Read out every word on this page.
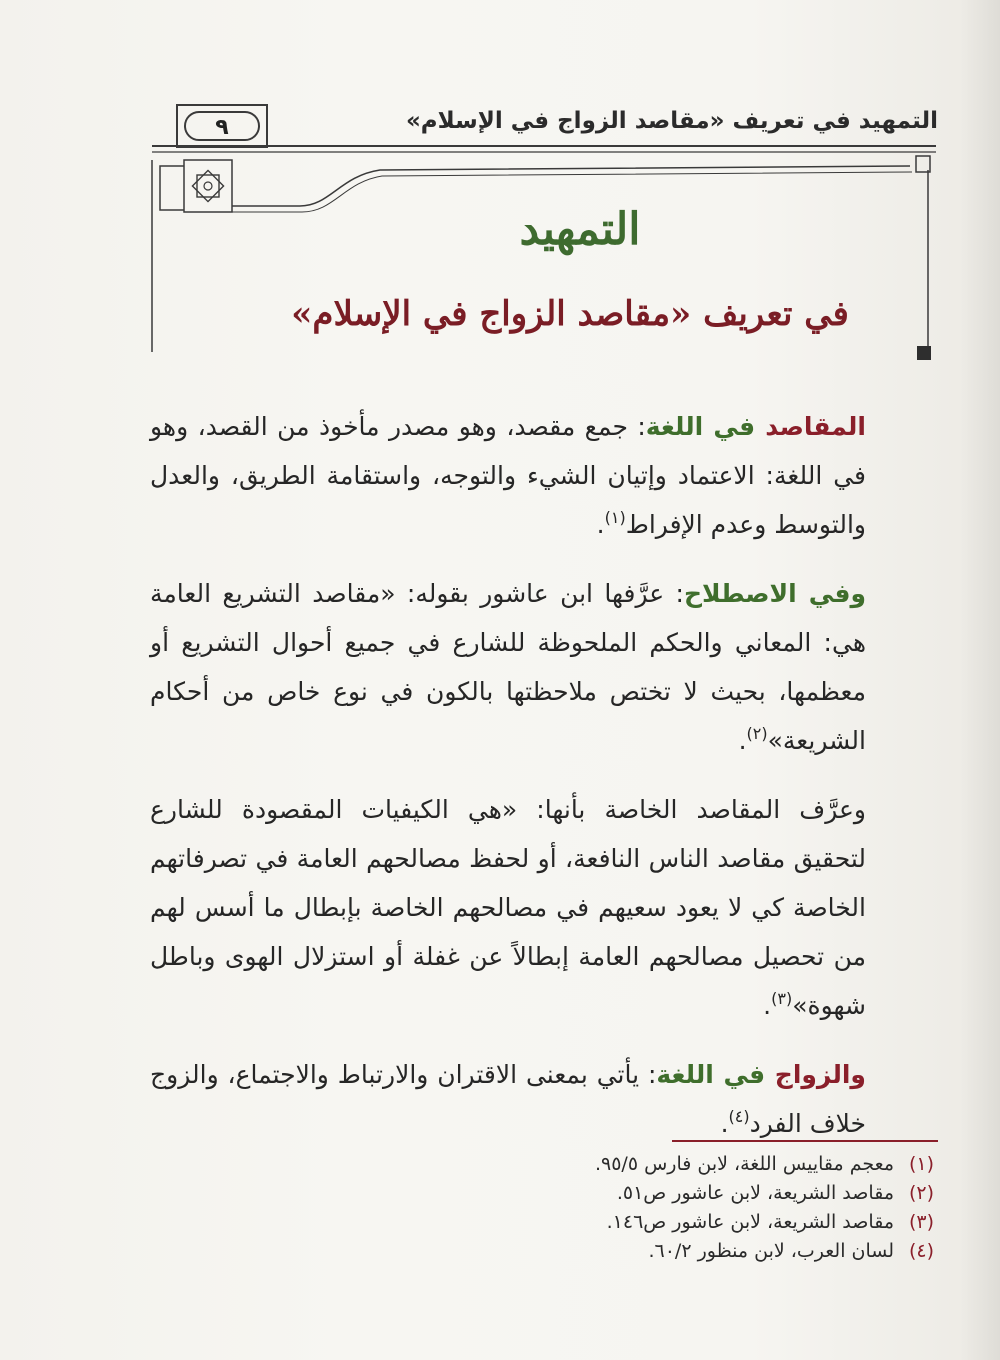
التمهيد في تعريف «مقاصد الزواج في الإسلام»
٩
التمهيد
في تعريف «مقاصد الزواج في الإسلام»

المقاصد في اللغة: جمع مقصد، وهو مصدر مأخوذ من القصد، وهو في اللغة: الاعتماد وإتيان الشيء والتوجه، واستقامة الطريق، والعدل والتوسط وعدم الإفراط$^{(١)}$.

وفي الاصطلاح: عرَّفها ابن عاشور بقوله: «مقاصد التشريع العامة هي: المعاني والحكم الملحوظة للشارع في جميع أحوال التشريع أو معظمها، بحيث لا تختص ملاحظتها بالكون في نوع خاص من أحكام الشريعة»$^{(٢)}$.

وعرَّف المقاصد الخاصة بأنها: «هي الكيفيات المقصودة للشارع لتحقيق مقاصد الناس النافعة، أو لحفظ مصالحهم العامة في تصرفاتهم الخاصة كي لا يعود سعيهم في مصالحهم الخاصة بإبطال ما أسس لهم من تحصيل مصالحهم العامة إبطالاً عن غفلة أو استزلال الهوى وباطل شهوة»$^{(٣)}$.

والزواج في اللغة: يأتي بمعنى الاقتران والارتباط والاجتماع، والزوج خلاف الفرد$^{(٤)}$.

(١)معجم مقاييس اللغة، لابن فارس ٩٥/٥.
(٢)مقاصد الشريعة، لابن عاشور ص٥١.
(٣)مقاصد الشريعة، لابن عاشور ص١٤٦.
(٤)لسان العرب، لابن منظور ٦٠/٢.
